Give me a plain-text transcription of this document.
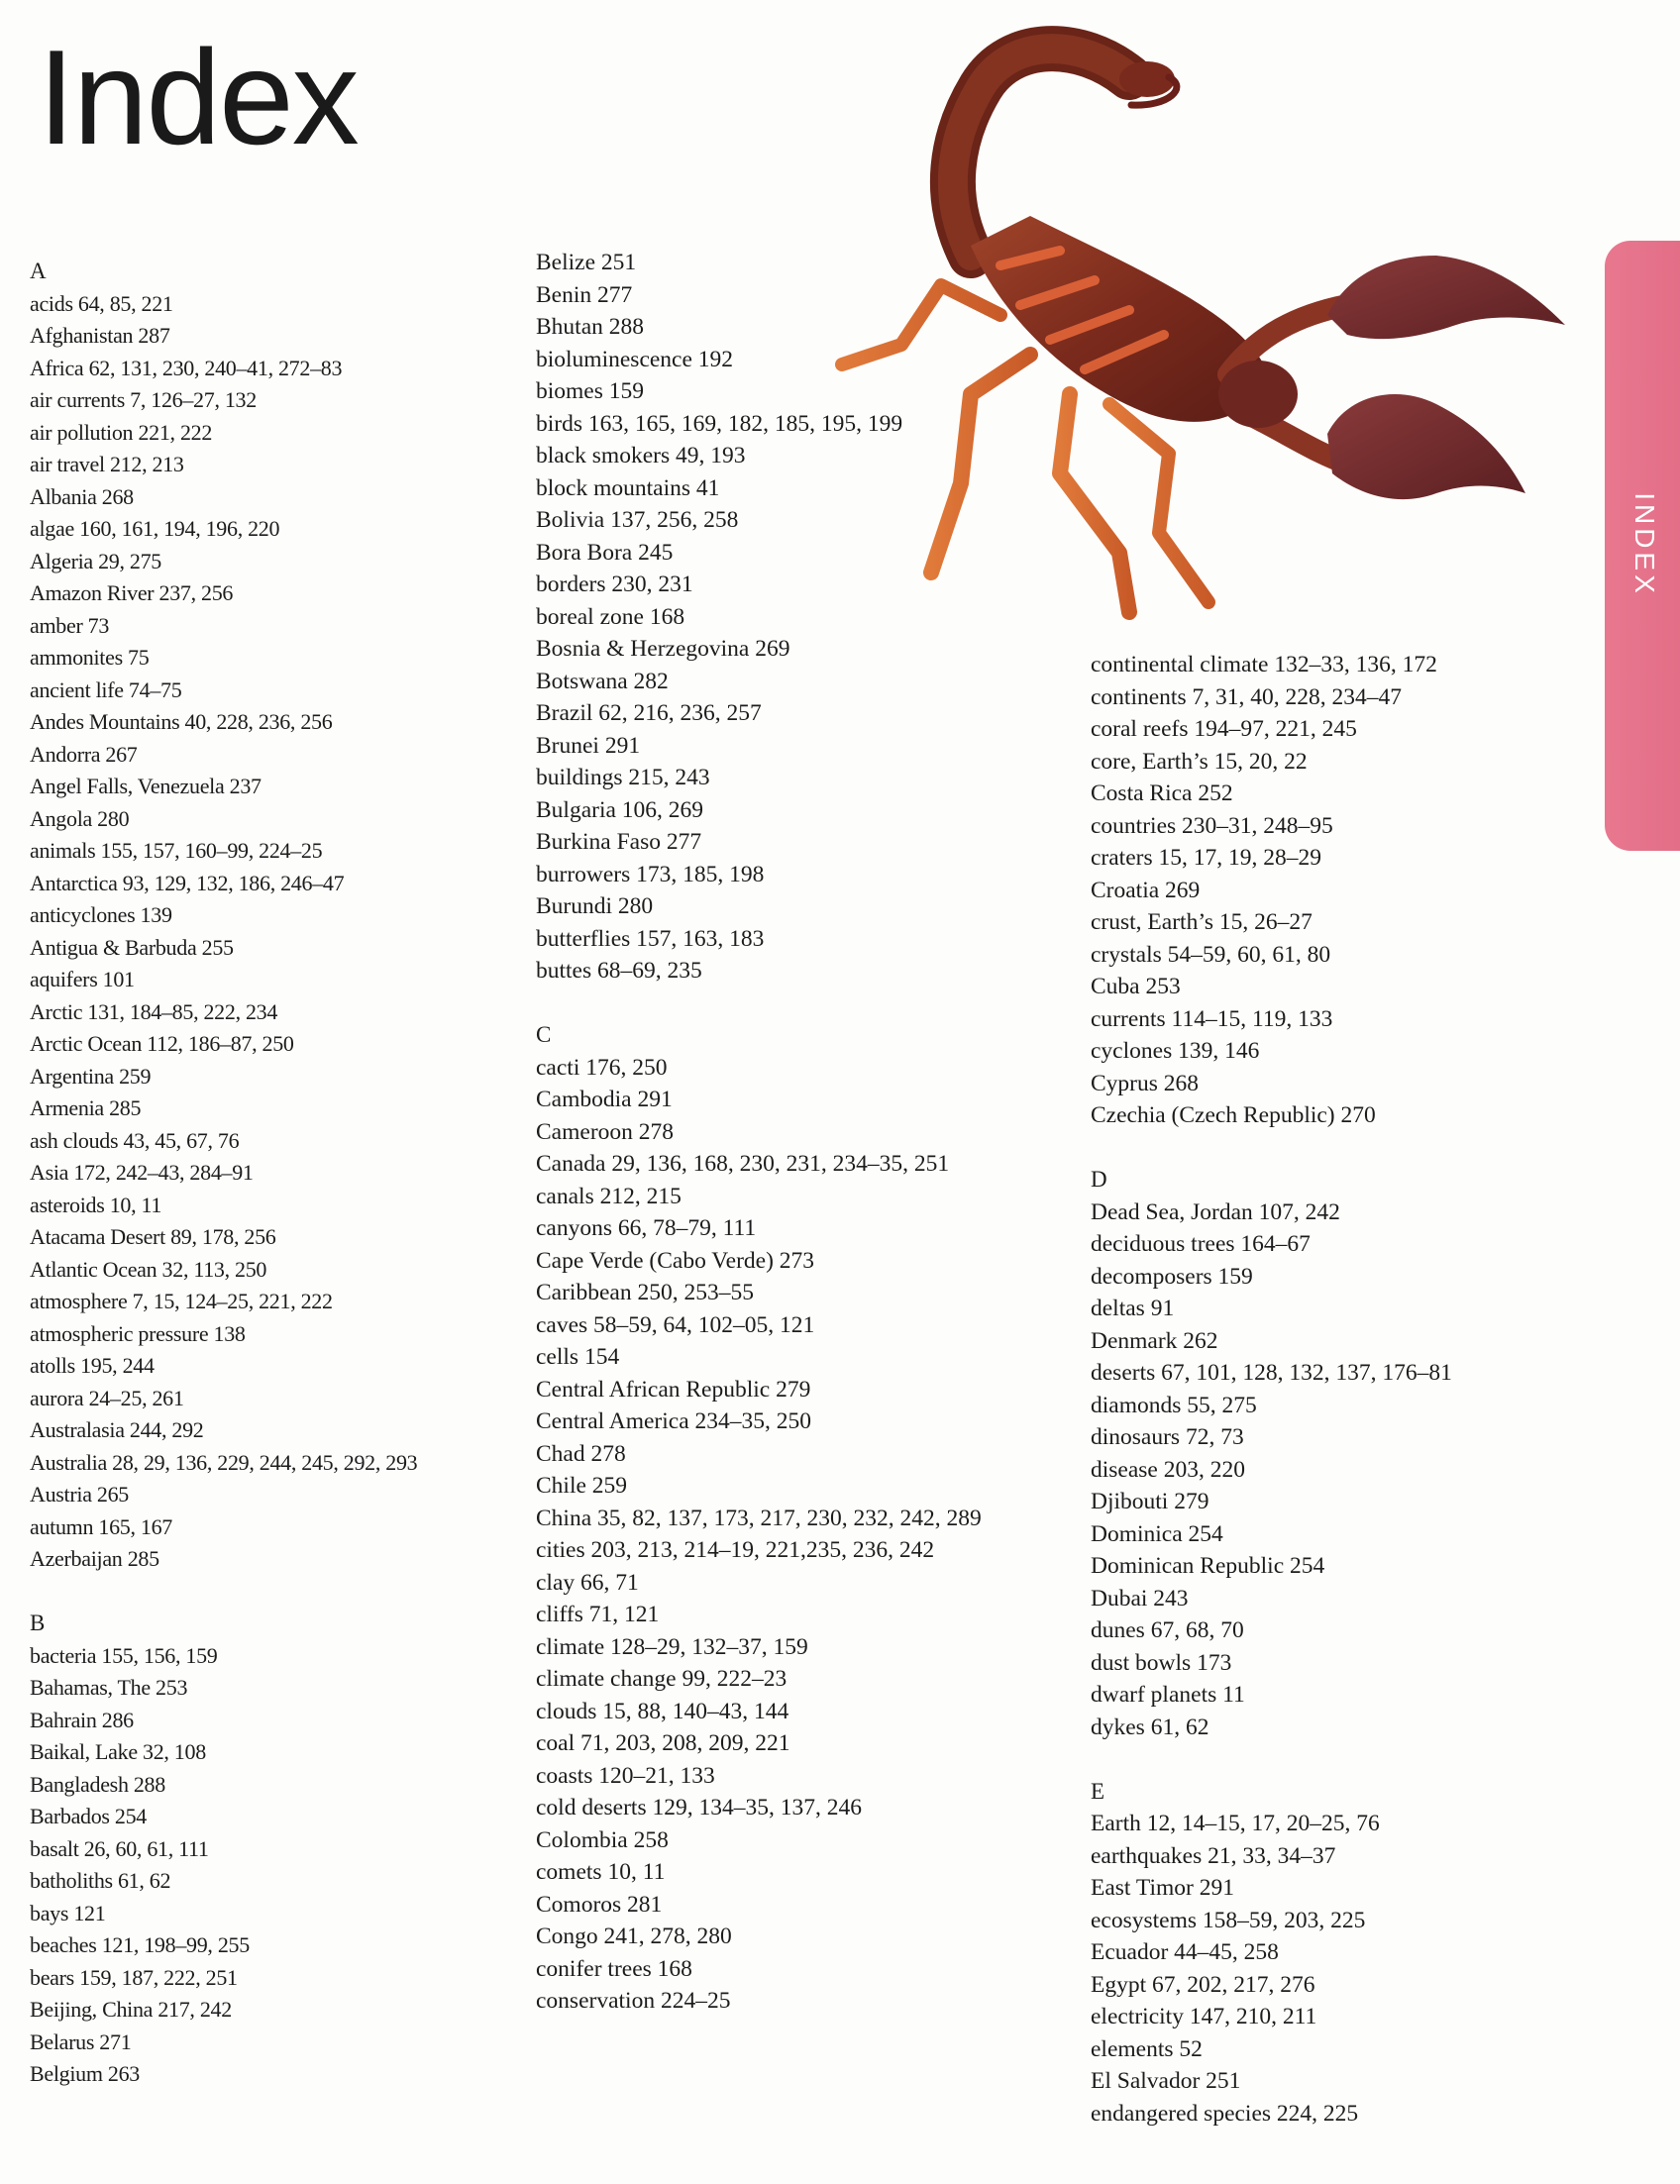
Index
INDEX
A
acids 64, 85, 221
Afghanistan 287
Africa 62, 131, 230, 240–41, 272–83
air currents 7, 126–27, 132
air pollution 221, 222
air travel 212, 213
Albania 268
algae 160, 161, 194, 196, 220
Algeria 29, 275
Amazon River 237, 256
amber 73
ammonites 75
ancient life 74–75
Andes Mountains 40, 228, 236, 256
Andorra 267
Angel Falls, Venezuela 237
Angola 280
animals 155, 157, 160–99, 224–25
Antarctica 93, 129, 132, 186, 246–47
anticyclones 139
Antigua & Barbuda 255
aquifers 101
Arctic 131, 184–85, 222, 234
Arctic Ocean 112, 186–87, 250
Argentina 259
Armenia 285
ash clouds 43, 45, 67, 76
Asia 172, 242–43, 284–91
asteroids 10, 11
Atacama Desert 89, 178, 256
Atlantic Ocean 32, 113, 250
atmosphere 7, 15, 124–25, 221, 222
atmospheric pressure 138
atolls 195, 244
aurora 24–25, 261
Australasia 244, 292
Australia 28, 29, 136, 229, 244, 245, 292, 293
Austria 265
autumn 165, 167
Azerbaijan 285
B
bacteria 155, 156, 159
Bahamas, The 253
Bahrain 286
Baikal, Lake 32, 108
Bangladesh 288
Barbados 254
basalt 26, 60, 61, 111
batholiths 61, 62
bays 121
beaches 121, 198–99, 255
bears 159, 187, 222, 251
Beijing, China 217, 242
Belarus 271
Belgium 263
Belize 251
Benin 277
Bhutan 288
bioluminescence 192
biomes 159
birds 163, 165, 169, 182, 185, 195, 199
black smokers 49, 193
block mountains 41
Bolivia 137, 256, 258
Bora Bora 245
borders 230, 231
boreal zone 168
Bosnia & Herzegovina 269
Botswana 282
Brazil 62, 216, 236, 257
Brunei 291
buildings 215, 243
Bulgaria 106, 269
Burkina Faso 277
burrowers 173, 185, 198
Burundi 280
butterflies 157, 163, 183
buttes 68–69, 235
C
cacti 176, 250
Cambodia 291
Cameroon 278
Canada 29, 136, 168, 230, 231, 234–35, 251
canals 212, 215
canyons 66, 78–79, 111
Cape Verde (Cabo Verde) 273
Caribbean 250, 253–55
caves 58–59, 64, 102–05, 121
cells 154
Central African Republic 279
Central America 234–35, 250
Chad 278
Chile 259
China 35, 82, 137, 173, 217, 230, 232, 242, 289
cities 203, 213, 214–19, 221,235, 236, 242
clay 66, 71
cliffs 71, 121
climate 128–29, 132–37, 159
climate change 99, 222–23
clouds 15, 88, 140–43, 144
coal 71, 203, 208, 209, 221
coasts 120–21, 133
cold deserts 129, 134–35, 137, 246
Colombia 258
comets 10, 11
Comoros 281
Congo 241, 278, 280
conifer trees 168
conservation 224–25
continental climate 132–33, 136, 172
continents 7, 31, 40, 228, 234–47
coral reefs 194–97, 221, 245
core, Earth’s 15, 20, 22
Costa Rica 252
countries 230–31, 248–95
craters 15, 17, 19, 28–29
Croatia 269
crust, Earth’s 15, 26–27
crystals 54–59, 60, 61, 80
Cuba 253
currents 114–15, 119, 133
cyclones 139, 146
Cyprus 268
Czechia (Czech Republic) 270
D
Dead Sea, Jordan 107, 242
deciduous trees 164–67
decomposers 159
deltas 91
Denmark 262
deserts 67, 101, 128, 132, 137, 176–81
diamonds 55, 275
dinosaurs 72, 73
disease 203, 220
Djibouti 279
Dominica 254
Dominican Republic 254
Dubai 243
dunes 67, 68, 70
dust bowls 173
dwarf planets 11
dykes 61, 62
E
Earth 12, 14–15, 17, 20–25, 76
earthquakes 21, 33, 34–37
East Timor 291
ecosystems 158–59, 203, 225
Ecuador 44–45, 258
Egypt 67, 202, 217, 276
electricity 147, 210, 211
elements 52
El Salvador 251
endangered species 224, 225
